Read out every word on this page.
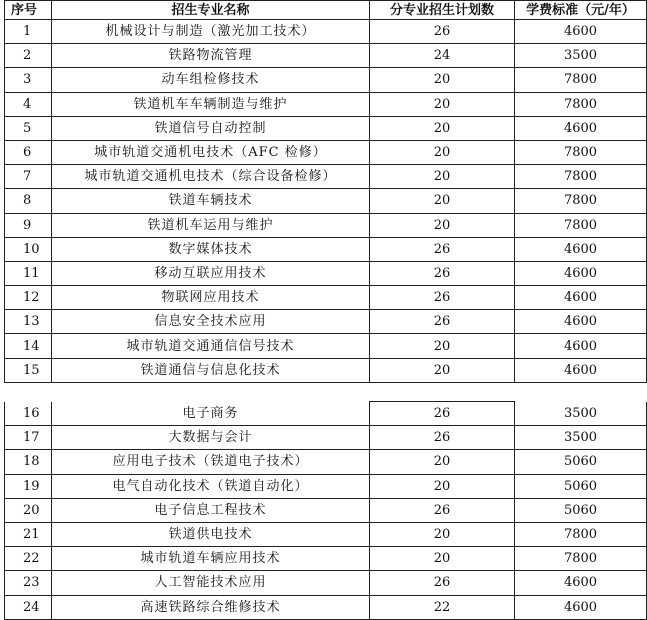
序号	招生专业名称	分专业招生计划数	学费标准（元/年）
1	机械设计与制造（激光加工技术）	26	4600
2	铁路物流管理	24	3500
3	动车组检修技术	20	7800
4	铁道机车车辆制造与维护	20	7800
5	铁道信号自动控制	20	4600
6	城市轨道交通机电技术（AFC 检修）	20	7800
7	城市轨道交通机电技术（综合设备检修）	20	7800
8	铁道车辆技术	20	7800
9	铁道机车运用与维护	20	7800
10	数字媒体技术	26	4600
11	移动互联应用技术	26	4600
12	物联网应用技术	26	4600
13	信息安全技术应用	26	4600
14	城市轨道交通通信信号技术	20	4600
15	铁道通信与信息化技术	20	4600
16	电子商务	26	3500
17	大数据与会计	26	3500
18	应用电子技术（铁道电子技术）	20	5060
19	电气自动化技术（铁道自动化）	20	5060
20	电子信息工程技术	26	5060
21	铁道供电技术	20	7800
22	城市轨道车辆应用技术	20	7800
23	人工智能技术应用	26	4600
24	高速铁路综合维修技术	22	4600
